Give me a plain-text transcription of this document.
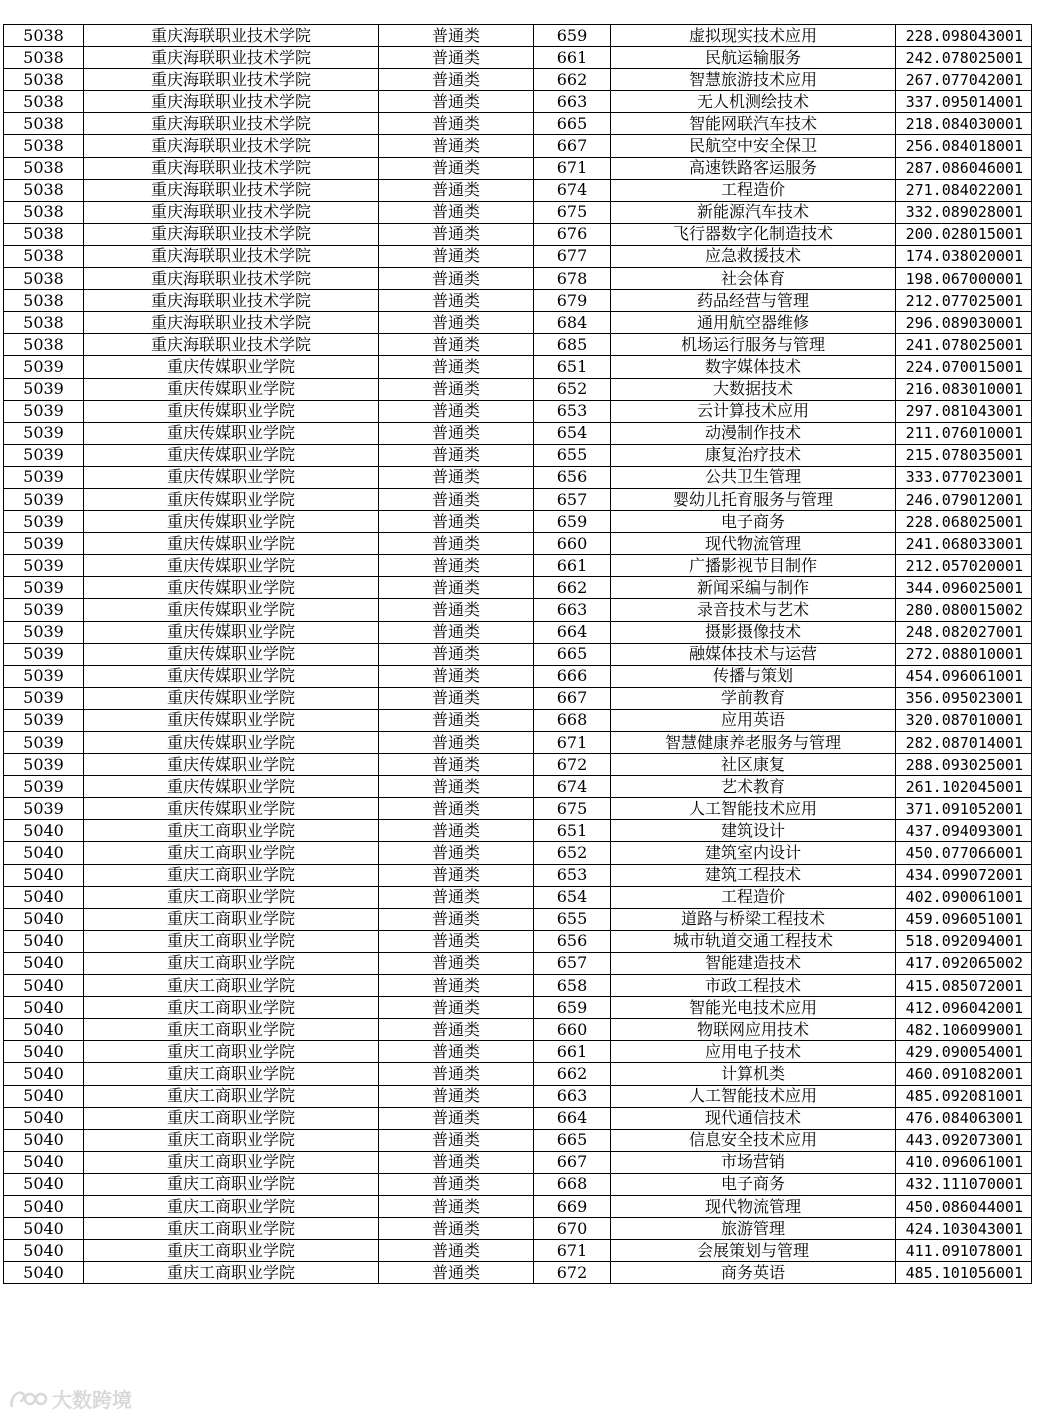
5038	重庆海联职业技术学院	普通类	659	虚拟现实技术应用	228.098043001
5038	重庆海联职业技术学院	普通类	661	民航运输服务	242.078025001
5038	重庆海联职业技术学院	普通类	662	智慧旅游技术应用	267.077042001
5038	重庆海联职业技术学院	普通类	663	无人机测绘技术	337.095014001
5038	重庆海联职业技术学院	普通类	665	智能网联汽车技术	218.084030001
5038	重庆海联职业技术学院	普通类	667	民航空中安全保卫	256.084018001
5038	重庆海联职业技术学院	普通类	671	高速铁路客运服务	287.086046001
5038	重庆海联职业技术学院	普通类	674	工程造价	271.084022001
5038	重庆海联职业技术学院	普通类	675	新能源汽车技术	332.089028001
5038	重庆海联职业技术学院	普通类	676	飞行器数字化制造技术	200.028015001
5038	重庆海联职业技术学院	普通类	677	应急救援技术	174.038020001
5038	重庆海联职业技术学院	普通类	678	社会体育	198.067000001
5038	重庆海联职业技术学院	普通类	679	药品经营与管理	212.077025001
5038	重庆海联职业技术学院	普通类	684	通用航空器维修	296.089030001
5038	重庆海联职业技术学院	普通类	685	机场运行服务与管理	241.078025001
5039	重庆传媒职业学院	普通类	651	数字媒体技术	224.070015001
5039	重庆传媒职业学院	普通类	652	大数据技术	216.083010001
5039	重庆传媒职业学院	普通类	653	云计算技术应用	297.081043001
5039	重庆传媒职业学院	普通类	654	动漫制作技术	211.076010001
5039	重庆传媒职业学院	普通类	655	康复治疗技术	215.078035001
5039	重庆传媒职业学院	普通类	656	公共卫生管理	333.077023001
5039	重庆传媒职业学院	普通类	657	婴幼儿托育服务与管理	246.079012001
5039	重庆传媒职业学院	普通类	659	电子商务	228.068025001
5039	重庆传媒职业学院	普通类	660	现代物流管理	241.068033001
5039	重庆传媒职业学院	普通类	661	广播影视节目制作	212.057020001
5039	重庆传媒职业学院	普通类	662	新闻采编与制作	344.096025001
5039	重庆传媒职业学院	普通类	663	录音技术与艺术	280.080015002
5039	重庆传媒职业学院	普通类	664	摄影摄像技术	248.082027001
5039	重庆传媒职业学院	普通类	665	融媒体技术与运营	272.088010001
5039	重庆传媒职业学院	普通类	666	传播与策划	454.096061001
5039	重庆传媒职业学院	普通类	667	学前教育	356.095023001
5039	重庆传媒职业学院	普通类	668	应用英语	320.087010001
5039	重庆传媒职业学院	普通类	671	智慧健康养老服务与管理	282.087014001
5039	重庆传媒职业学院	普通类	672	社区康复	288.093025001
5039	重庆传媒职业学院	普通类	674	艺术教育	261.102045001
5039	重庆传媒职业学院	普通类	675	人工智能技术应用	371.091052001
5040	重庆工商职业学院	普通类	651	建筑设计	437.094093001
5040	重庆工商职业学院	普通类	652	建筑室内设计	450.077066001
5040	重庆工商职业学院	普通类	653	建筑工程技术	434.099072001
5040	重庆工商职业学院	普通类	654	工程造价	402.090061001
5040	重庆工商职业学院	普通类	655	道路与桥梁工程技术	459.096051001
5040	重庆工商职业学院	普通类	656	城市轨道交通工程技术	518.092094001
5040	重庆工商职业学院	普通类	657	智能建造技术	417.092065002
5040	重庆工商职业学院	普通类	658	市政工程技术	415.085072001
5040	重庆工商职业学院	普通类	659	智能光电技术应用	412.096042001
5040	重庆工商职业学院	普通类	660	物联网应用技术	482.106099001
5040	重庆工商职业学院	普通类	661	应用电子技术	429.090054001
5040	重庆工商职业学院	普通类	662	计算机类	460.091082001
5040	重庆工商职业学院	普通类	663	人工智能技术应用	485.092081001
5040	重庆工商职业学院	普通类	664	现代通信技术	476.084063001
5040	重庆工商职业学院	普通类	665	信息安全技术应用	443.092073001
5040	重庆工商职业学院	普通类	667	市场营销	410.096061001
5040	重庆工商职业学院	普通类	668	电子商务	432.111070001
5040	重庆工商职业学院	普通类	669	现代物流管理	450.086044001
5040	重庆工商职业学院	普通类	670	旅游管理	424.103043001
5040	重庆工商职业学院	普通类	671	会展策划与管理	411.091078001
5040	重庆工商职业学院	普通类	672	商务英语	485.101056001
大数跨境
